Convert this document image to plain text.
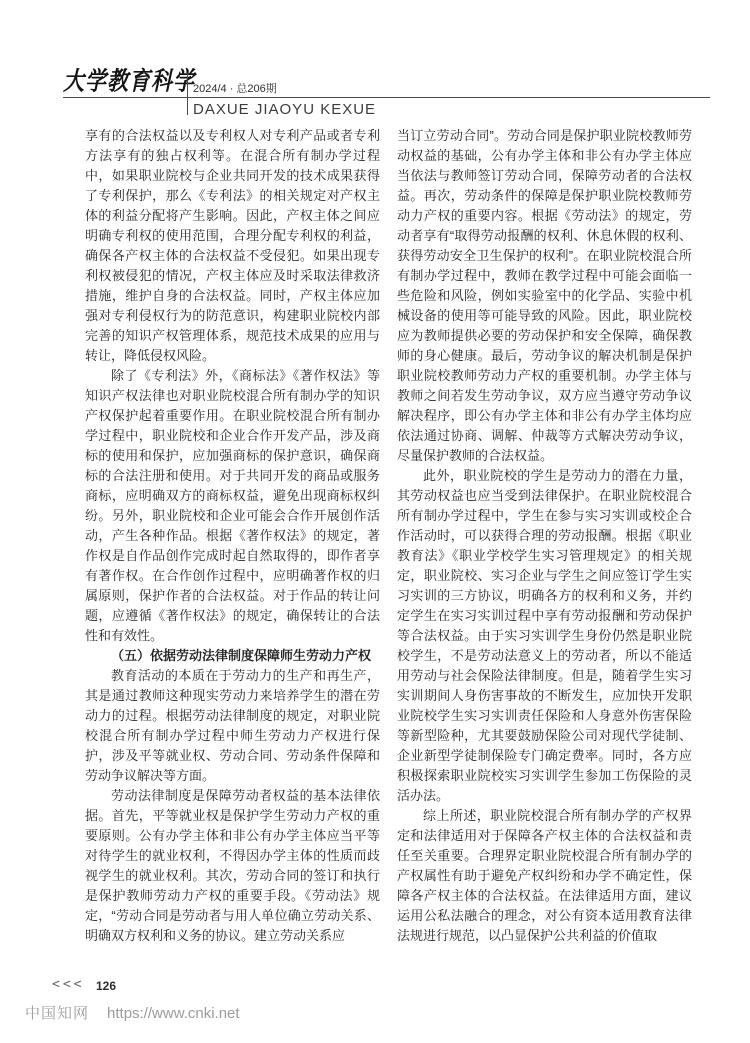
大学教育科学
2024/4 · 总206期
DAXUE JIAOYU KEXUE

享有的合法权益以及专利权人对专利产品或者专利方法享有的独占权利等。在混合所有制办学过程中，如果职业院校与企业共同开发的技术成果获得了专利保护，那么《专利法》的相关规定对产权主体的利益分配将产生影响。因此，产权主体之间应明确专利权的使用范围，合理分配专利权的利益，确保各产权主体的合法权益不受侵犯。如果出现专利权被侵犯的情况，产权主体应及时采取法律救济措施，维护自身的合法权益。同时，产权主体应加强对专利侵权行为的防范意识，构建职业院校内部完善的知识产权管理体系，规范技术成果的应用与转让，降低侵权风险。

除了《专利法》外，《商标法》《著作权法》等知识产权法律也对职业院校混合所有制办学的知识产权保护起着重要作用。在职业院校混合所有制办学过程中，职业院校和企业合作开发产品，涉及商标的使用和保护，应加强商标的保护意识，确保商标的合法注册和使用。对于共同开发的商品或服务商标，应明确双方的商标权益，避免出现商标权纠纷。另外，职业院校和企业可能会合作开展创作活动，产生各种作品。根据《著作权法》的规定，著作权是自作品创作完成时起自然取得的，即作者享有著作权。在合作创作过程中，应明确著作权的归属原则，保护作者的合法权益。对于作品的转让问题，应遵循《著作权法》的规定，确保转让的合法性和有效性。

（五）依据劳动法律制度保障师生劳动力产权

教育活动的本质在于劳动力的生产和再生产，其是通过教师这种现实劳动力来培养学生的潜在劳动力的过程。根据劳动法律制度的规定，对职业院校混合所有制办学过程中师生劳动力产权进行保护，涉及平等就业权、劳动合同、劳动条件保障和劳动争议解决等方面。

劳动法律制度是保障劳动者权益的基本法律依据。首先，平等就业权是保护学生劳动力产权的重要原则。公有办学主体和非公有办学主体应当平等对待学生的就业权利，不得因办学主体的性质而歧视学生的就业权利。其次，劳动合同的签订和执行是保护教师劳动力产权的重要手段。《劳动法》规定，“劳动合同是劳动者与用人单位确立劳动关系、明确双方权利和义务的协议。建立劳动关系应

当订立劳动合同”。劳动合同是保护职业院校教师劳动权益的基础，公有办学主体和非公有办学主体应当依法与教师签订劳动合同，保障劳动者的合法权益。再次，劳动条件的保障是保护职业院校教师劳动力产权的重要内容。根据《劳动法》的规定，劳动者享有“取得劳动报酬的权利、休息休假的权利、获得劳动安全卫生保护的权利”。在职业院校混合所有制办学过程中，教师在教学过程中可能会面临一些危险和风险，例如实验室中的化学品、实验中机械设备的使用等可能导致的风险。因此，职业院校应为教师提供必要的劳动保护和安全保障，确保教师的身心健康。最后，劳动争议的解决机制是保护职业院校教师劳动力产权的重要机制。办学主体与教师之间若发生劳动争议，双方应当遵守劳动争议解决程序，即公有办学主体和非公有办学主体均应依法通过协商、调解、仲裁等方式解决劳动争议，尽量保护教师的合法权益。

此外，职业院校的学生是劳动力的潜在力量，其劳动权益也应当受到法律保护。在职业院校混合所有制办学过程中，学生在参与实习实训或校企合作活动时，可以获得合理的劳动报酬。根据《职业教育法》《职业学校学生实习管理规定》的相关规定，职业院校、实习企业与学生之间应签订学生实习实训的三方协议，明确各方的权利和义务，并约定学生在实习实训过程中享有劳动报酬和劳动保护等合法权益。由于实习实训学生身份仍然是职业院校学生，不是劳动法意义上的劳动者，所以不能适用劳动与社会保险法律制度。但是，随着学生实习实训期间人身伤害事故的不断发生，应加快开发职业院校学生实习实训责任保险和人身意外伤害保险等新型险种，尤其要鼓励保险公司对现代学徒制、企业新型学徒制保险专门确定费率。同时，各方应积极探索职业院校实习实训学生参加工伤保险的灵活办法。

综上所述，职业院校混合所有制办学的产权界定和法律适用对于保障各产权主体的合法权益和责任至关重要。合理界定职业院校混合所有制办学的产权属性有助于避免产权纠纷和办学不确定性，保障各产权主体的合法权益。在法律适用方面，建议运用公私法融合的理念，对公有资本适用教育法律法规进行规范，以凸显保护公共利益的价值取

<<< 126
中国知网 https://www.cnki.net
